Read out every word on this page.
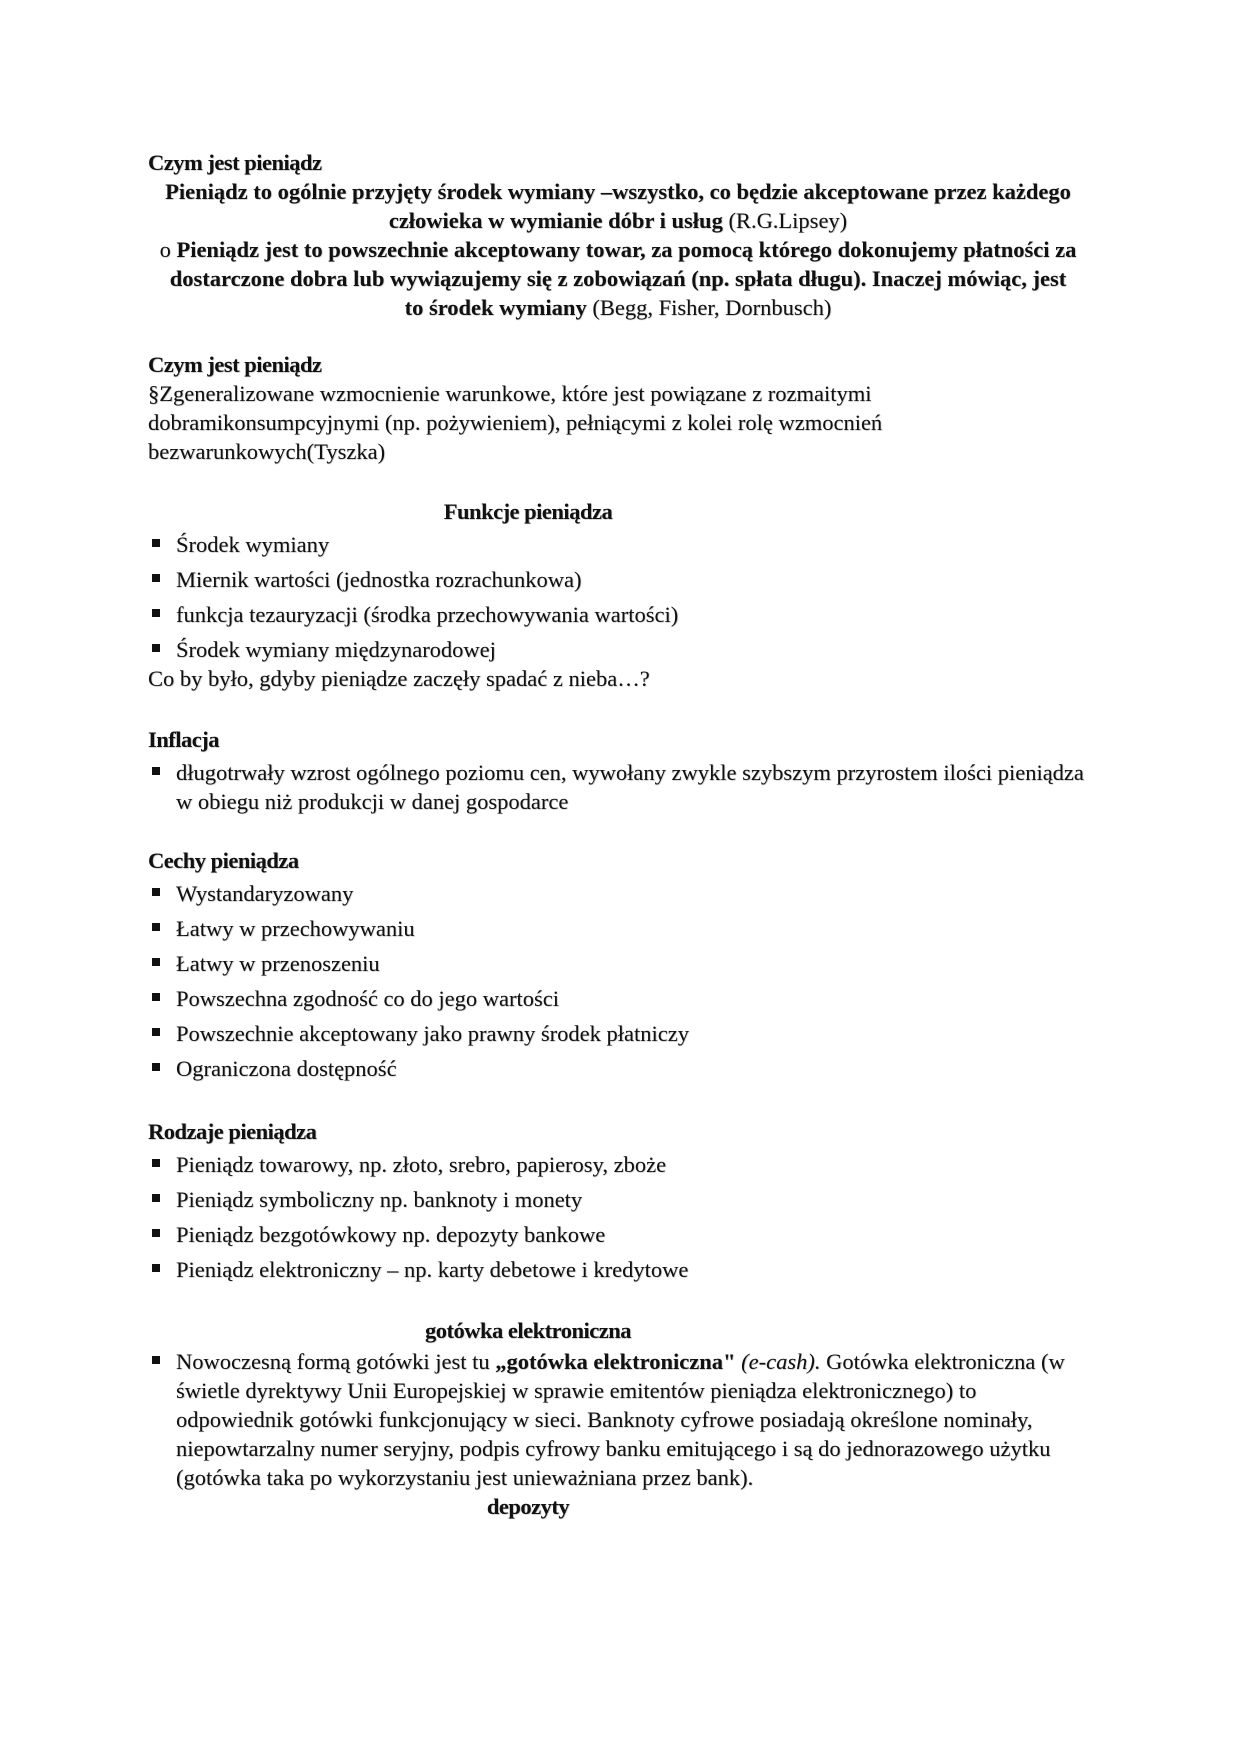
Czym jest pieniądz
Pieniądz to ogólnie przyjęty środek wymiany –wszystko, co będzie akceptowane przez każdego człowieka w wymianie dóbr i usług (R.G.Lipsey)
o Pieniądz jest to powszechnie akceptowany towar, za pomocą którego dokonujemy płatności za dostarczone dobra lub wywiązujemy się z zobowiązań (np. spłata długu). Inaczej mówiąc, jest to środek wymiany (Begg, Fisher, Dornbusch)
Czym jest pieniądz
§Zgeneralizowane wzmocnienie warunkowe, które jest powiązane z rozmaitymi dobramikonsumpcyjnymi (np. pożywieniem), pełniącymi z kolei rolę wzmocnień bezwarunkowych(Tyszka)
Funkcje pieniądza
Środek wymiany
Miernik wartości (jednostka rozrachunkowa)
funkcja tezauryzacji (środka przechowywania wartości)
Środek wymiany międzynarodowej
Co by było, gdyby pieniądze zaczęły spadać z nieba…?
Inflacja
długotrwały wzrost ogólnego poziomu cen, wywołany zwykle szybszym przyrostem ilości pieniądza w obiegu niż produkcji w danej gospodarce
Cechy pieniądza
Wystandaryzowany
Łatwy w przechowywaniu
Łatwy w przenoszeniu
Powszechna zgodność co do jego wartości
Powszechnie akceptowany jako prawny środek płatniczy
Ograniczona dostępność
Rodzaje pieniądza
Pieniądz towarowy, np. złoto, srebro, papierosy, zboże
Pieniądz symboliczny np. banknoty i monety
Pieniądz bezgotówkowy np. depozyty bankowe
Pieniądz elektroniczny – np. karty debetowe i kredytowe
gotówka elektroniczna
Nowoczesną formą gotówki jest tu „gotówka elektroniczna" (e-cash). Gotówka elektroniczna (w świetle dyrektywy Unii Europejskiej w sprawie emitentów pieniądza elektronicznego) to odpowiednik gotówki funkcjonujący w sieci. Banknoty cyfrowe posiadają określone nominały, niepowtarzalny numer seryjny, podpis cyfrowy banku emitującego i są do jednorazowego użytku (gotówka taka po wykorzystaniu jest unieważniana przez bank).
depozyty
